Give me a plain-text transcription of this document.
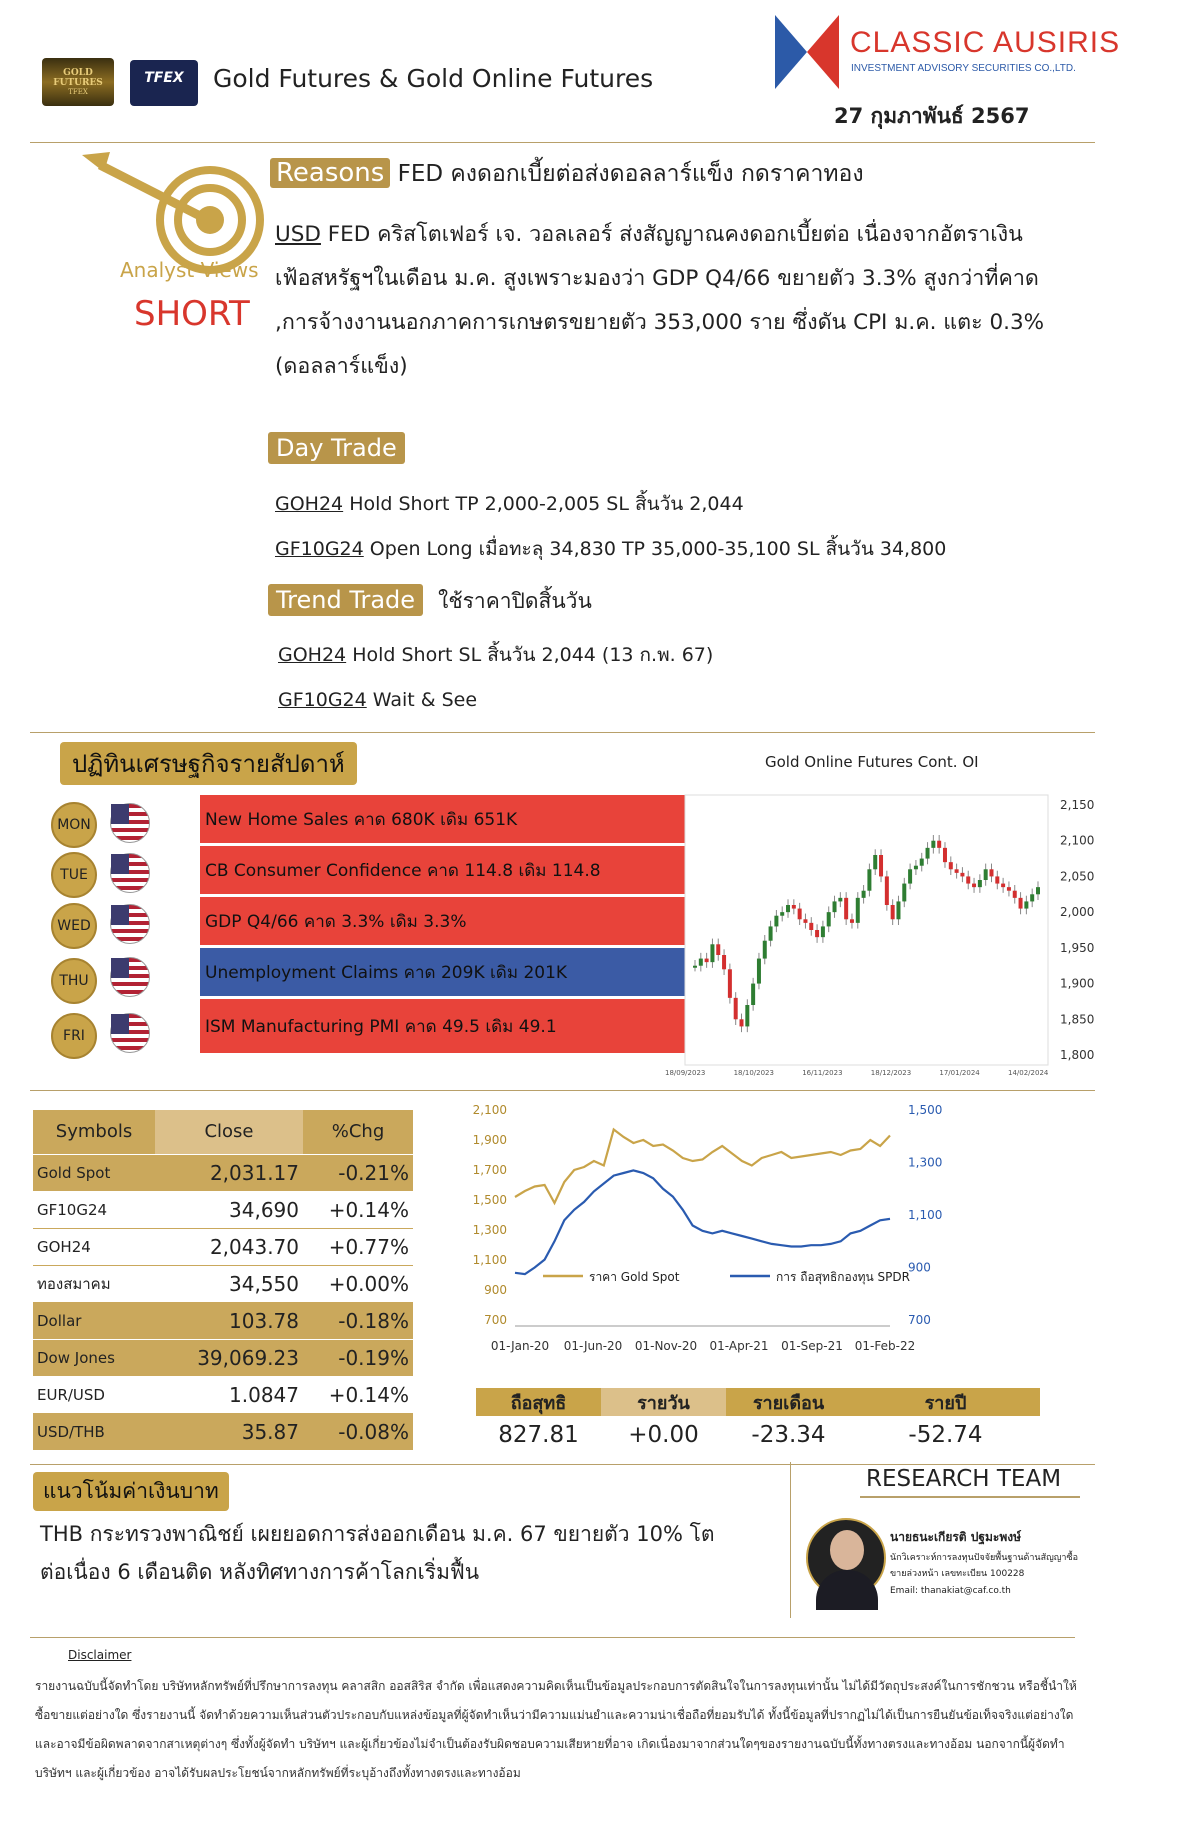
GOLD FUTURES
TFEX
TFEX	Gold Futures & Gold Online Futures
CLASSIC AUSIRIS
INVESTMENT ADVISORY SECURITIES CO.,LTD.
27 กุมภาพันธ์ 2567
Analyst Views
SHORT
Reasons FED คงดอกเบี้ยต่อส่งดอลลาร์แข็ง กดราคาทอง
USD FED คริสโตเฟอร์ เจ. วอลเลอร์ ส่งสัญญาณคงดอกเบี้ยต่อ เนื่องจากอัตราเงิน
เฟ้อสหรัฐฯในเดือน ม.ค. สูงเพราะมองว่า GDP Q4/66 ขยายตัว 3.3% สูงกว่าที่คาด
,การจ้างงานนอกภาคการเกษตรขยายตัว 353,000 ราย ซึ่งดัน CPI ม.ค. แตะ 0.3%
(ดอลลาร์แข็ง)
Day Trade
GOH24 Hold Short TP 2,000-2,005 SL สิ้นวัน 2,044
GF10G24 Open Long เมื่อทะลุ 34,830 TP 35,000-35,100 SL สิ้นวัน 34,800
Trend Trade ใช้ราคาปิดสิ้นวัน
GOH24 Hold Short SL สิ้นวัน 2,044 (13 ก.พ. 67)
GF10G24 Wait & See
ปฏิทินเศรษฐกิจรายสัปดาห์
MON	New Home Sales คาด 680K เดิม 651K
TUE	CB Consumer Confidence คาด 114.8 เดิม 114.8
WED	GDP Q4/66 คาด 3.3% เดิม 3.3%
THU	Unemployment Claims คาด 209K เดิม 201K
FRI	ISM Manufacturing PMI คาด 49.5 เดิม 49.1
Gold Online Futures Cont. OI
2,150
2,100
2,050
2,000
1,950
1,900
1,850
1,800
18/09/2023	18/10/2023	16/11/2023	18/12/2023	17/01/2024	14/02/2024
Symbols	Close	%Chg
Gold Spot	2,031.17	-0.21%
GF10G24	34,690	+0.14%
GOH24	2,043.70	+0.77%
ทองสมาคม	34,550	+0.00%
Dollar	103.78	-0.18%
Dow Jones	39,069.23	-0.19%
EUR/USD	1.0847	+0.14%
USD/THB	35.87	-0.08%
2,100
1,900
1,700
1,500
1,300
1,100
900
700
1,500
1,300
1,100
900
700
ราคา Gold Spot	การ ถือสุทธิกองทุน SPDR
01-Jan-20 01-Jun-20 01-Nov-20 01-Apr-21 01-Sep-21 01-Feb-22
ถือสุทธิ	รายวัน	รายเดือน	รายปี
827.81	+0.00	-23.34	-52.74
แนวโน้มค่าเงินบาท
THB กระทรวงพาณิชย์ เผยยอดการส่งออกเดือน ม.ค. 67 ขยายตัว 10% โต
ต่อเนื่อง 6 เดือนติด หลังทิศทางการค้าโลกเริ่มฟื้น
RESEARCH TEAM
นายธนะเกียรติ ปฐมะพงษ์
นักวิเคราะห์การลงทุนปัจจัยพื้นฐานด้านสัญญาซื้อ
ขายล่วงหน้า เลขทะเบียน 100228
Email: thanakiat@caf.co.th
Disclaimer
รายงานฉบับนี้จัดทำโดย บริษัทหลักทรัพย์ที่ปรึกษาการลงทุน คลาสสิก ออสสิริส จำกัด เพื่อแสดงความคิดเห็นเป็นข้อมูลประกอบการตัดสินใจในการลงทุนเท่านั้น ไม่ได้มีวัตถุประสงค์ในการชักชวน หรือชี้นำให้ซื้อขายแต่อย่างใด ซึ่งรายงานนี้ จัดทำด้วยความเห็นส่วนตัวประกอบกับแหล่งข้อมูลที่ผู้จัดทำเห็นว่ามีความแม่นยำและความน่าเชื่อถือที่ยอมรับได้ ทั้งนี้ข้อมูลที่ปรากฏไม่ได้เป็นการยืนยันข้อเท็จจริงแต่อย่างใดและอาจมีข้อผิดพลาดจากสาเหตุต่างๆ ซึ่งทั้งผู้จัดทำ บริษัทฯ และผู้เกี่ยวข้องไม่จำเป็นต้องรับผิดชอบความเสียหายที่อาจ เกิดเนื่องมาจากส่วนใดๆของรายงานฉบับนี้ทั้งทางตรงและทางอ้อม นอกจากนี้ผู้จัดทำ บริษัทฯ และผู้เกี่ยวข้อง อาจได้รับผลประโยชน์จากหลักทรัพย์ที่ระบุอ้างถึงทั้งทางตรงและทางอ้อม
